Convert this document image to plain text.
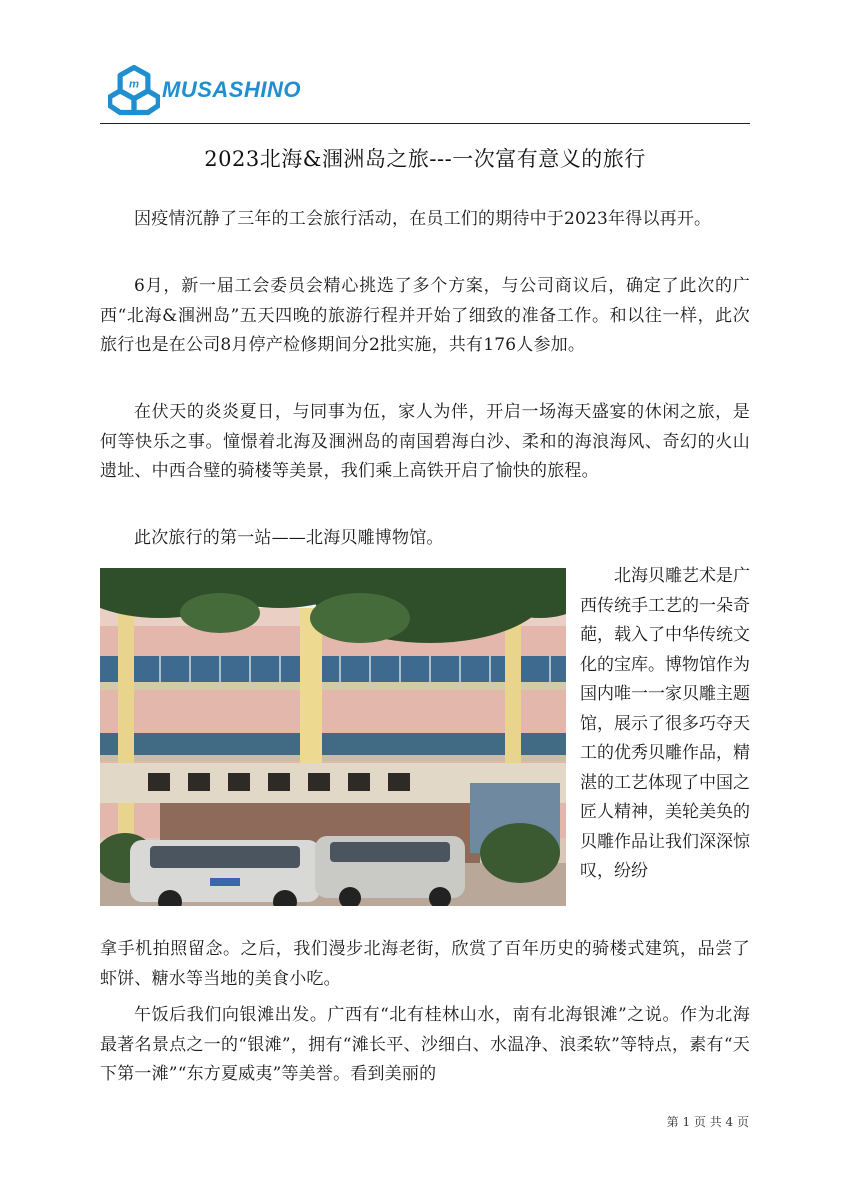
m MUSASHINO
2023北海&涠洲岛之旅---一次富有意义的旅行

因疫情沉静了三年的工会旅行活动，在员工们的期待中于2023年得以再开。

6月，新一届工会委员会精心挑选了多个方案，与公司商议后，确定了此次的广西“北海&涠洲岛”五天四晚的旅游行程并开始了细致的准备工作。和以往一样，此次旅行也是在公司8月停产检修期间分2批实施，共有176人参加。

在伏天的炎炎夏日，与同事为伍，家人为伴，开启一场海天盛宴的休闲之旅，是何等快乐之事。憧憬着北海及涠洲岛的南国碧海白沙、柔和的海浪海风、奇幻的火山遗址、中西合璧的骑楼等美景，我们乘上高铁开启了愉快的旅程。

此次旅行的第一站——北海贝雕博物馆。

北海贝雕艺术是广西传统手工艺的一朵奇葩，载入了中华传统文化的宝库。博物馆作为国内唯一一家贝雕主题馆，展示了很多巧夺天工的优秀贝雕作品，精湛的工艺体现了中国之匠人精神，美轮美奂的贝雕作品让我们深深惊叹，纷纷

拿手机拍照留念。之后，我们漫步北海老街，欣赏了百年历史的骑楼式建筑，品尝了虾饼、糖水等当地的美食小吃。

午饭后我们向银滩出发。广西有“北有桂林山水，南有北海银滩”之说。作为北海最著名景点之一的“银滩”，拥有“滩长平、沙细白、水温净、浪柔软”等特点，素有“天下第一滩”“东方夏威夷”等美誉。看到美丽的

第 1 页 共 4 页
